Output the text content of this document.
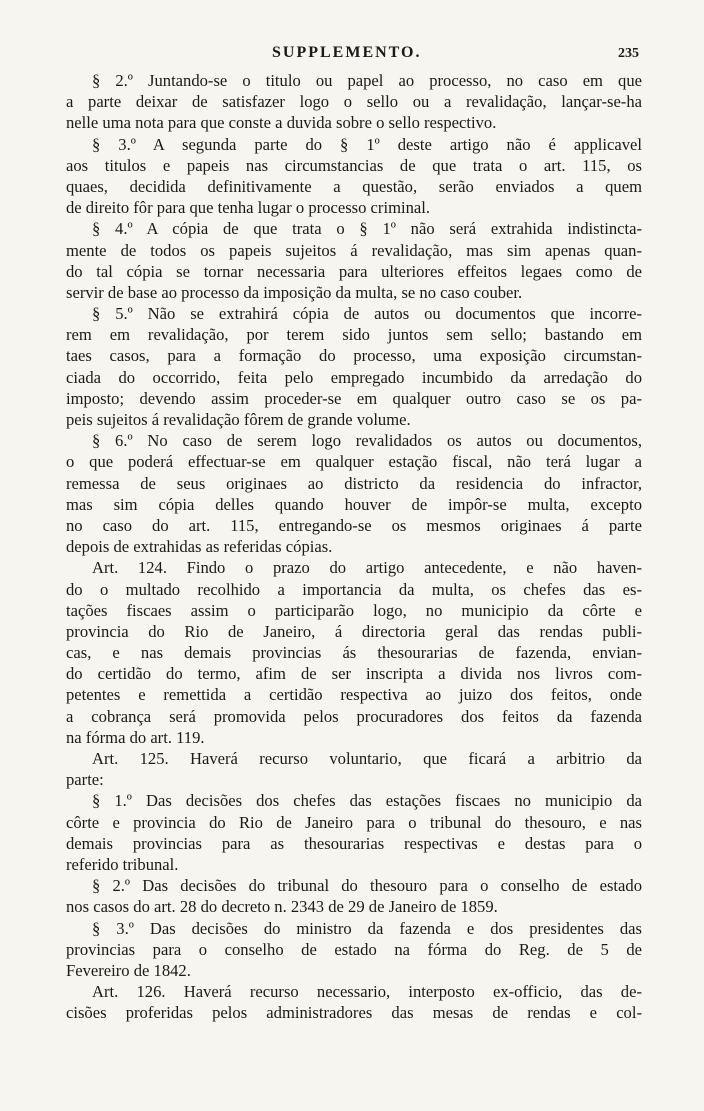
SUPPLEMENTO.	235
§ 2.º Juntando-se o titulo ou papel ao processo, no caso em que
a parte deixar de satisfazer logo o sello ou a revalidação, lançar-se-ha
nelle uma nota para que conste a duvida sobre o sello respectivo.
§ 3.º A segunda parte do § 1º deste artigo não é applicavel
aos titulos e papeis nas circumstancias de que trata o art. 115, os
quaes, decidida definitivamente a questão, serão enviados a quem
de direito fôr para que tenha lugar o processo criminal.
§ 4.º A cópia de que trata o § 1º não será extrahida indistincta-
mente de todos os papeis sujeitos á revalidação, mas sim apenas quan-
do tal cópia se tornar necessaria para ulteriores effeitos legaes como de
servir de base ao processo da imposição da multa, se no caso couber.
§ 5.º Não se extrahirá cópia de autos ou documentos que incorre-
rem em revalidação, por terem sido juntos sem sello; bastando em
taes casos, para a formação do processo, uma exposição circumstan-
ciada do occorrido, feita pelo empregado incumbido da arredação do
imposto; devendo assim proceder-se em qualquer outro caso se os pa-
peis sujeitos á revalidação fôrem de grande volume.
§ 6.º No caso de serem logo revalidados os autos ou documentos,
o que poderá effectuar-se em qualquer estação fiscal, não terá lugar a
remessa de seus originaes ao districto da residencia do infractor,
mas sim cópia delles quando houver de impôr-se multa, excepto
no caso do art. 115, entregando-se os mesmos originaes á parte
depois de extrahidas as referidas cópias.
Art. 124. Findo o prazo do artigo antecedente, e não haven-
do o multado recolhido a importancia da multa, os chefes das es-
tações fiscaes assim o participarão logo, no municipio da côrte e
provincia do Rio de Janeiro, á directoria geral das rendas publi-
cas, e nas demais provincias ás thesourarias de fazenda, envian-
do certidão do termo, afim de ser inscripta a divida nos livros com-
petentes e remettida a certidão respectiva ao juizo dos feitos, onde
a cobrança será promovida pelos procuradores dos feitos da fazenda
na fórma do art. 119.
Art. 125. Haverá recurso voluntario, que ficará a arbitrio da
parte:
§ 1.º Das decisões dos chefes das estações fiscaes no municipio da
côrte e provincia do Rio de Janeiro para o tribunal do thesouro, e nas
demais provincias para as thesourarias respectivas e destas para o
referido tribunal.
§ 2.º Das decisões do tribunal do thesouro para o conselho de estado
nos casos do art. 28 do decreto n. 2343 de 29 de Janeiro de 1859.
§ 3.º Das decisões do ministro da fazenda e dos presidentes das
provincias para o conselho de estado na fórma do Reg. de 5 de
Fevereiro de 1842.
Art. 126. Haverá recurso necessario, interposto ex-officio, das de-
cisões proferidas pelos administradores das mesas de rendas e col-
